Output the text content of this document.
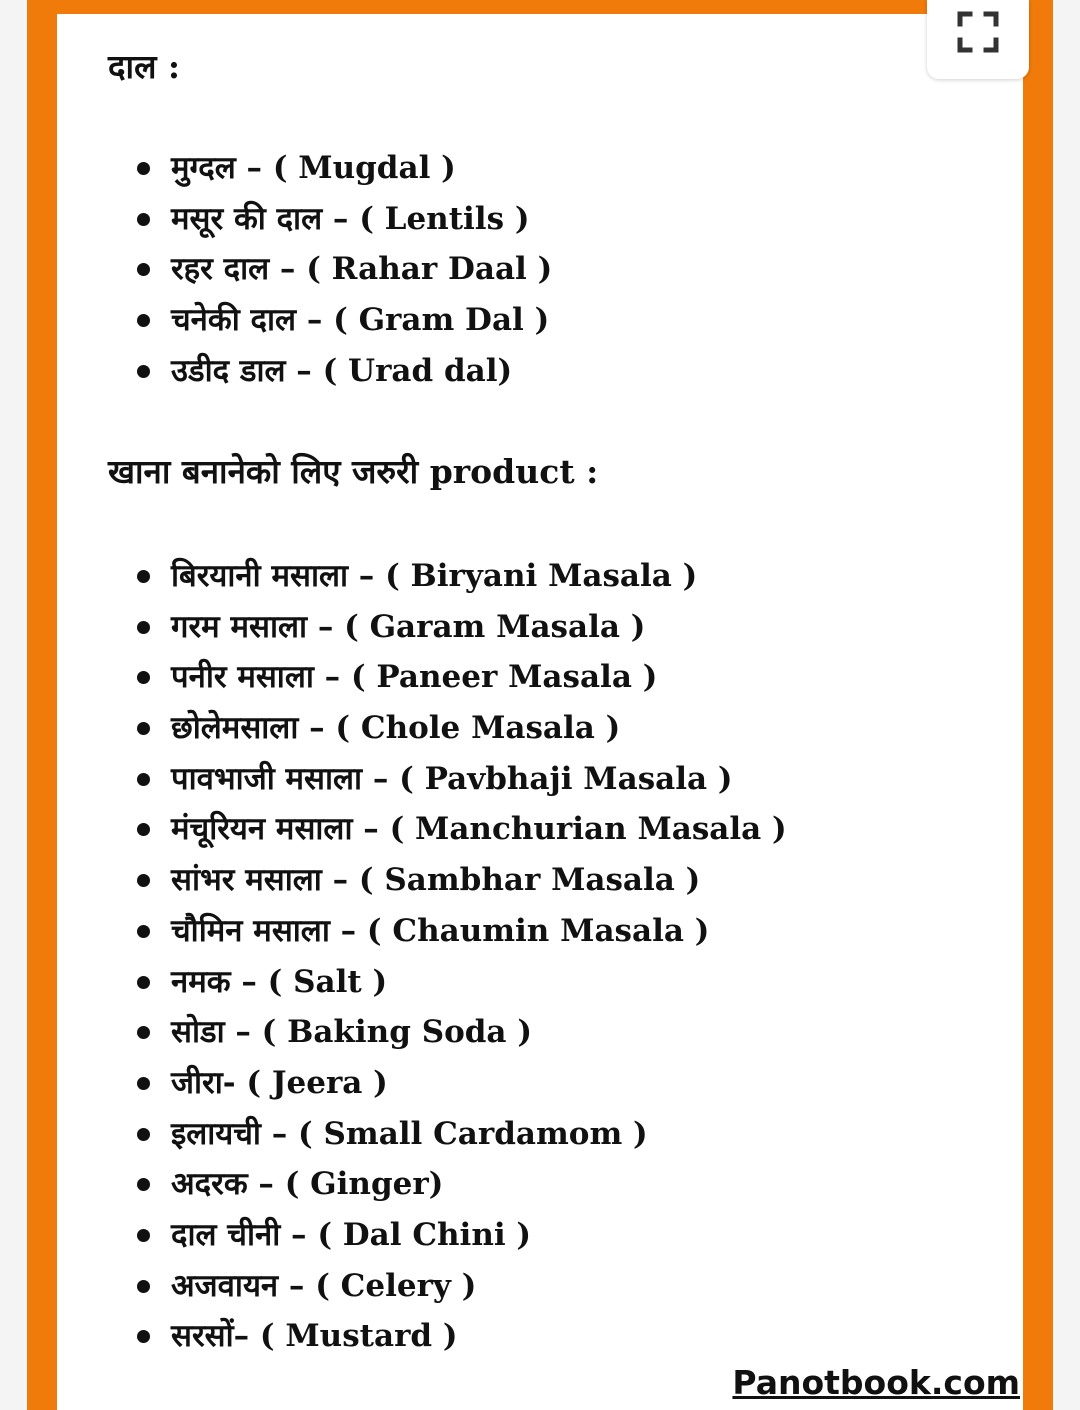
दाल :
मुग्दल – ( Mugdal )
मसूर की दाल – ( Lentils )
रहर दाल – ( Rahar Daal )
चनेकी दाल – ( Gram Dal )
उडीद डाल – ( Urad dal)
खाना बनानेको लिए जरुरी product :
बिरयानी मसाला – ( Biryani Masala )
गरम मसाला – ( Garam Masala )
पनीर मसाला – ( Paneer Masala )
छोलेमसाला – ( Chole Masala )
पावभाजी मसाला – ( Pavbhaji Masala )
मंचूरियन मसाला – ( Manchurian Masala )
सांभर मसाला – ( Sambhar Masala )
चौमिन मसाला – ( Chaumin Masala )
नमक – ( Salt )
सोडा – ( Baking Soda )
जीरा- ( Jeera )
इलायची – ( Small Cardamom )
अदरक – ( Ginger)
दाल चीनी – ( Dal Chini )
अजवायन – ( Celery )
सरसों– ( Mustard )

Panotbook.com
